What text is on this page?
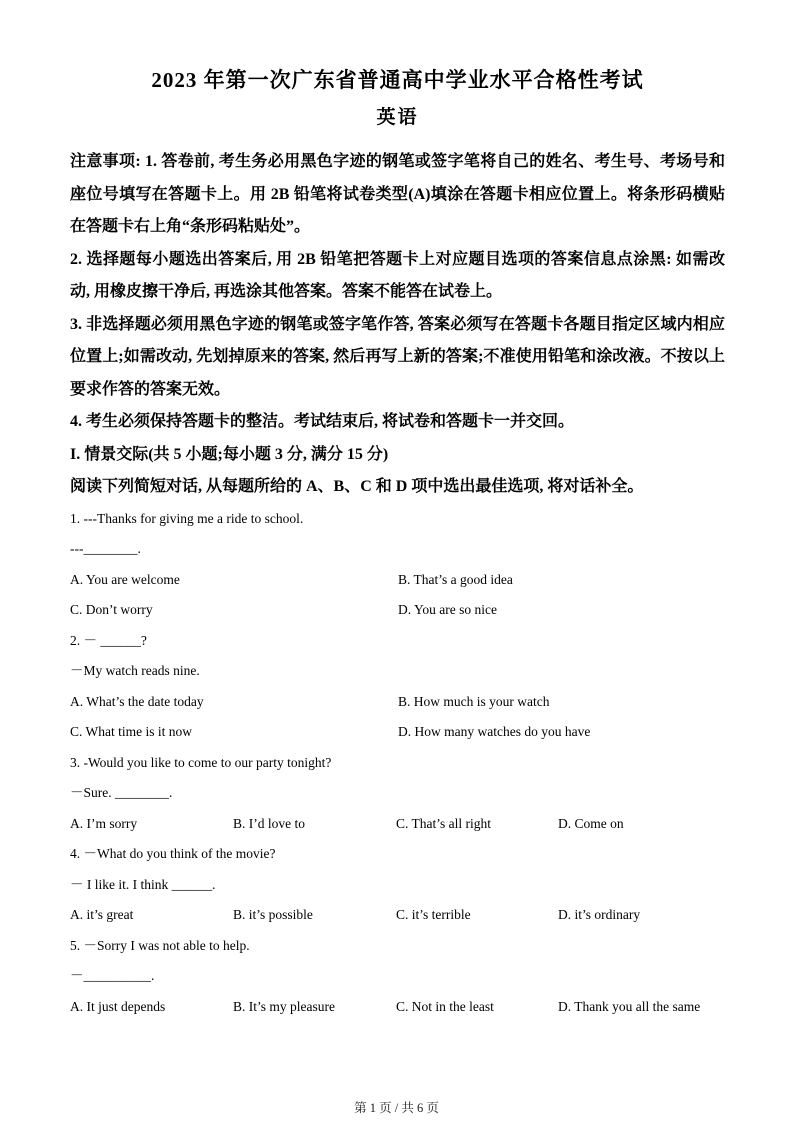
2023 年第一次广东省普通高中学业水平合格性考试
英语

注意事项: 1. 答卷前, 考生务必用黑色字迹的钢笔或签字笔将自己的姓名、考生号、考场号和座位号填写在答题卡上。用 2B 铅笔将试卷类型(A)填涂在答题卡相应位置上。将条形码横贴在答题卡右上角“条形码粘贴处”。

2. 选择题每小题选出答案后, 用 2B 铅笔把答题卡上对应题目选项的答案信息点涂黑: 如需改动, 用橡皮擦干净后, 再选涂其他答案。答案不能答在试卷上。

3. 非选择题必须用黑色字迹的钢笔或签字笔作答, 答案必须写在答题卡各题目指定区域内相应位置上;如需改动, 先划掉原来的答案, 然后再写上新的答案;不准使用铅笔和涂改液。不按以上要求作答的答案无效。

4. 考生必须保持答题卡的整洁。考试结束后, 将试卷和答题卡一并交回。

I. 情景交际(共 5 小题;每小题 3 分, 满分 15 分)

阅读下列简短对话, 从每题所给的 A、B、C 和 D 项中选出最佳选项, 将对话补全。

1. ---Thanks for giving me a ride to school.

---________.

A. You are welcome	B. That’s a good idea
C. Don’t worry	D. You are so nice

2. － ______?

－My watch reads nine.

A. What’s the date today	B. How much is your watch
C. What time is it now	D. How many watches do you have

3. -Would you like to come to our party tonight?

－Sure. ________.

A. I’m sorry	B. I’d love to	C. That’s all right	D. Come on

4. －What do you think of the movie?

－ I like it. I think ______.

A. it’s great	B. it’s possible	C. it’s terrible	D. it’s ordinary

5. －Sorry I was not able to help.

－__________.

A. It just depends	B. It’s my pleasure	C. Not in the least	D. Thank you all the same
第 1 页 / 共 6 页
